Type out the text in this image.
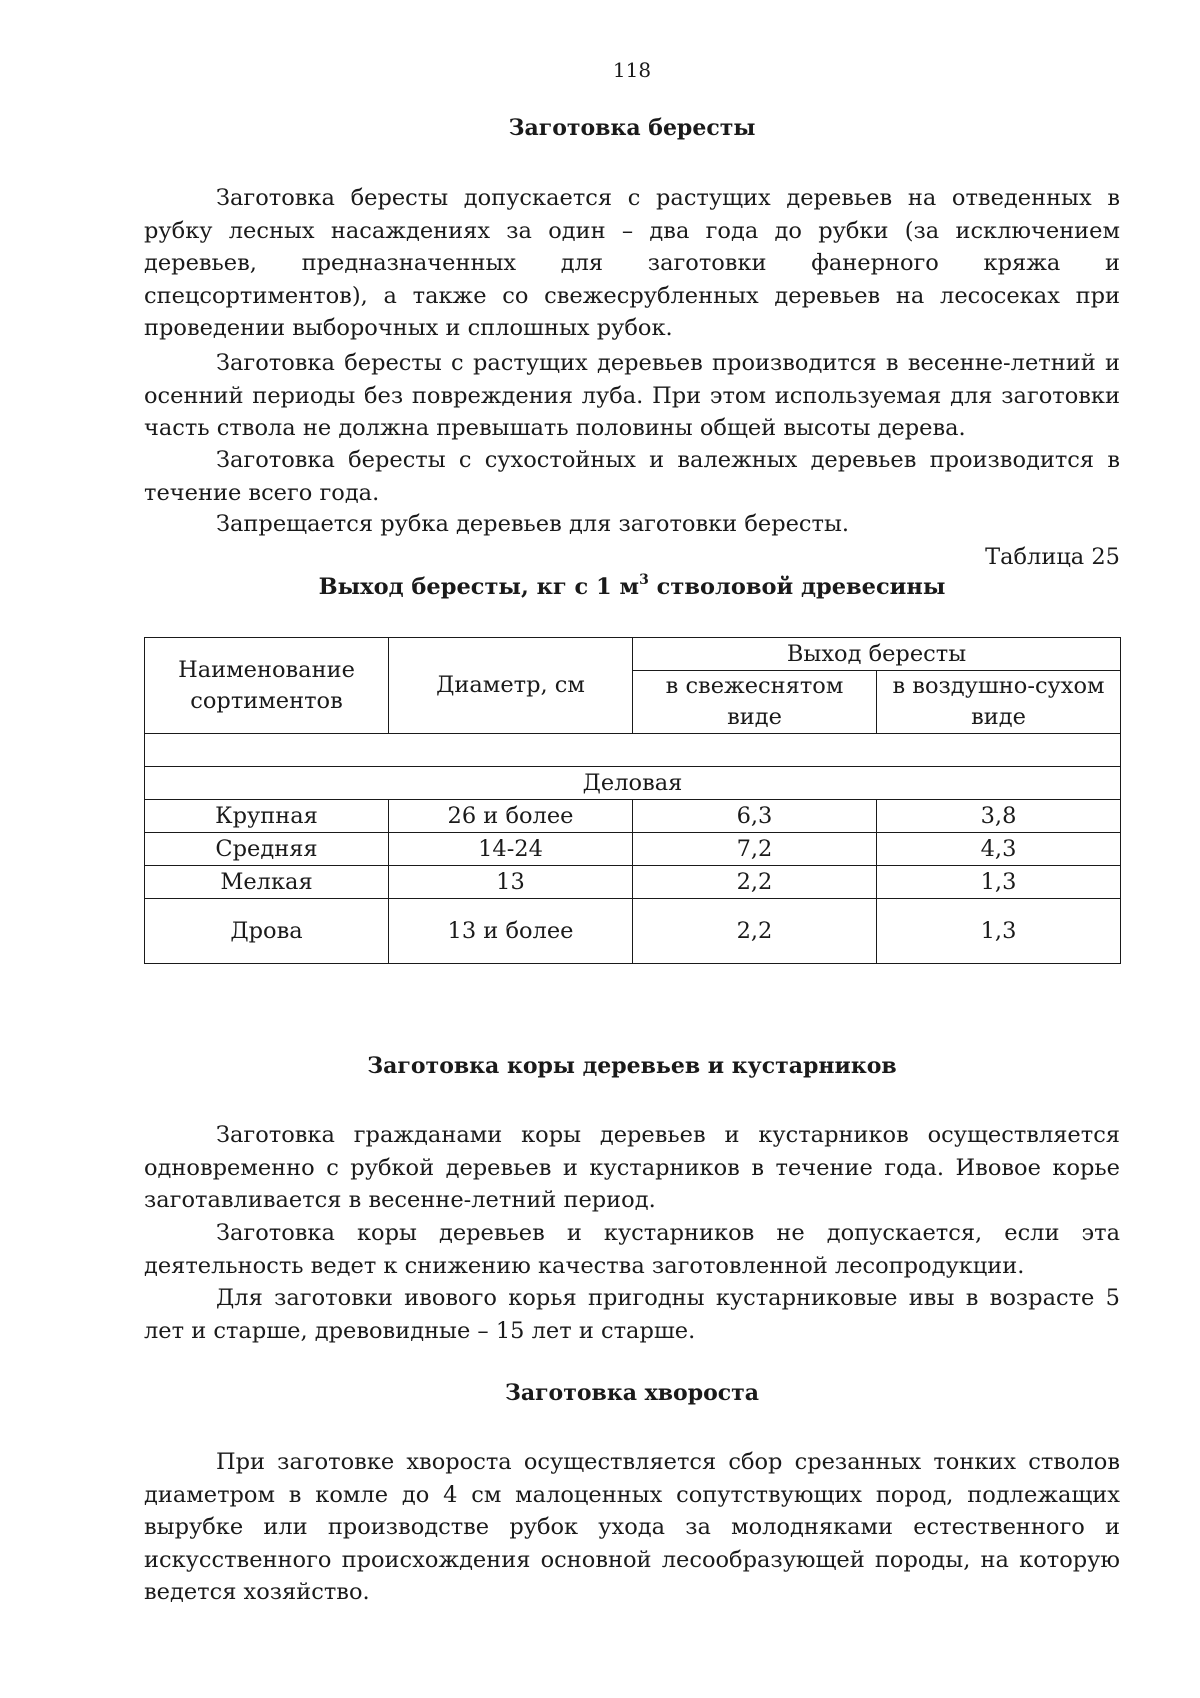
118
Заготовка бересты

Заготовка бересты допускается с растущих деревьев на отведенных в рубку лесных насаждениях за один – два года до рубки (за исключением деревьев, предназначенных для заготовки фанерного кряжа и спецсортиментов), а также со свежесрубленных деревьев на лесосеках при проведении выборочных и сплошных рубок.

Заготовка бересты с растущих деревьев производится в весенне-летний и осенний периоды без повреждения луба. При этом используемая для заготовки часть ствола не должна превышать половины общей высоты дерева.

Заготовка бересты с сухостойных и валежных деревьев производится в течение всего года.

Запрещается рубка деревьев для заготовки бересты.

Таблица 25
Выход бересты, кг с 1 $м^3$ стволовой древесины
Наименование сортиментов	Диаметр, см	Выход бересты	
		в свежеснятом виде	в воздушно-сухом виде

Деловая			
Крупная	26 и более	6,3	3,8
Средняя	14-24	7,2	4,3
Мелкая	13	2,2	1,3
Дрова	13 и более	2,2	1,3
Заготовка коры деревьев и кустарников

Заготовка гражданами коры деревьев и кустарников осуществляется одновременно с рубкой деревьев и кустарников в течение года. Ивовое корье заготавливается в весенне-летний период.

Заготовка коры деревьев и кустарников не допускается, если эта деятельность ведет к снижению качества заготовленной лесопродукции.

Для заготовки ивового корья пригодны кустарниковые ивы в возрасте 5 лет и старше, древовидные – 15 лет и старше.

Заготовка хвороста

При заготовке хвороста осуществляется сбор срезанных тонких стволов диаметром в комле до 4 см малоценных сопутствующих пород, подлежащих вырубке или производстве рубок ухода за молодняками естественного и искусственного происхождения основной лесообразующей породы, на которую ведется хозяйство.
